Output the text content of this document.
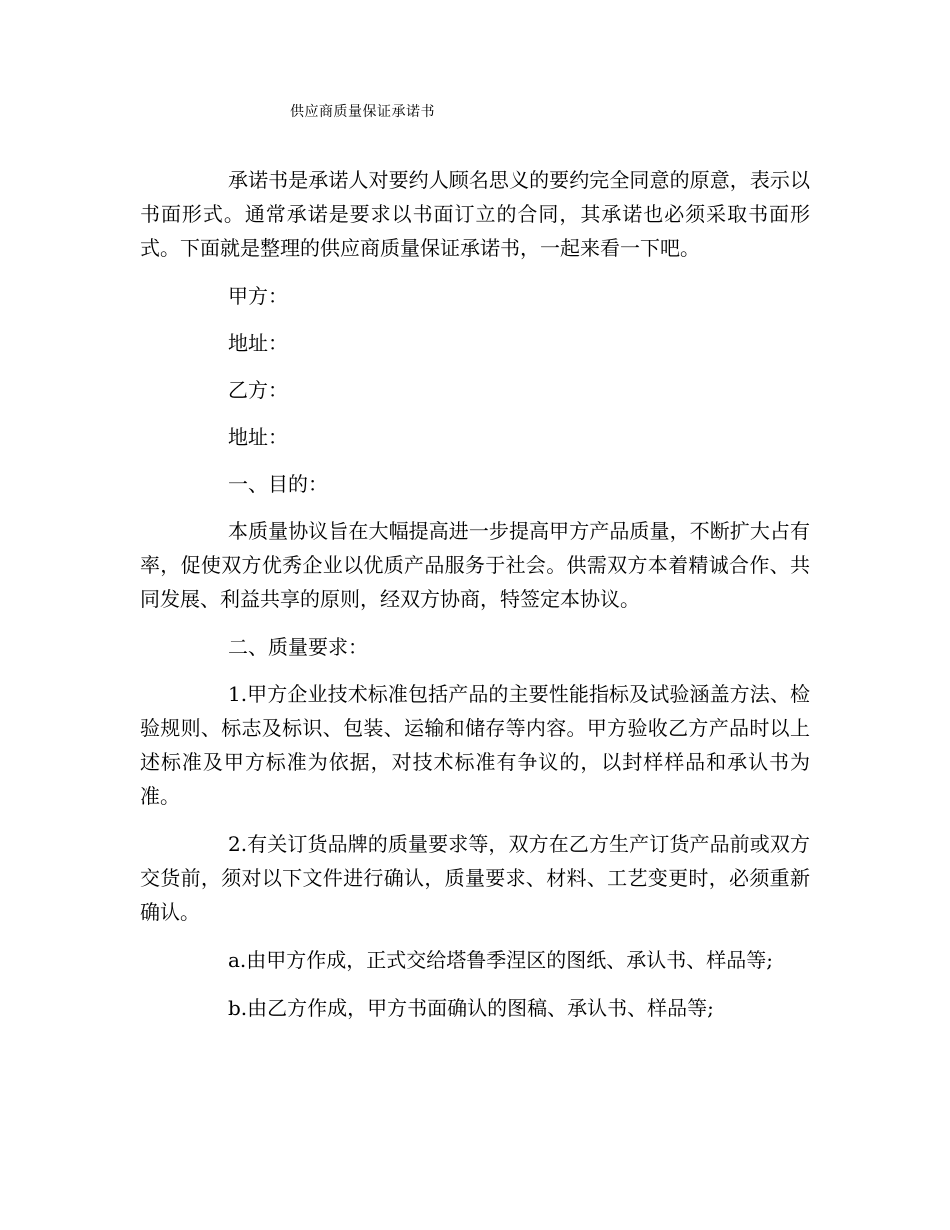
供应商质量保证承诺书

承诺书是承诺人对要约人顾名思义的要约完全同意的原意，表示以书面形式。通常承诺是要求以书面订立的合同，其承诺也必须采取书面形式。下面就是整理的供应商质量保证承诺书，一起来看一下吧。

甲方：

地址：

乙方：

地址：

一、目的：

本质量协议旨在大幅提高进一步提高甲方产品质量，不断扩大占有率，促使双方优秀企业以优质产品服务于社会。供需双方本着精诚合作、共同发展、利益共享的原则，经双方协商，特签定本协议。

二、质量要求：

1.甲方企业技术标准包括产品的主要性能指标及试验涵盖方法、检验规则、标志及标识、包装、运输和储存等内容。甲方验收乙方产品时以上述标准及甲方标准为依据，对技术标准有争议的，以封样样品和承认书为准。

2.有关订货品牌的质量要求等，双方在乙方生产订货产品前或双方交货前，须对以下文件进行确认，质量要求、材料、工艺变更时，必须重新确认。

a.由甲方作成，正式交给塔鲁季涅区的图纸、承认书、样品等;

b.由乙方作成，甲方书面确认的图稿、承认书、样品等;
